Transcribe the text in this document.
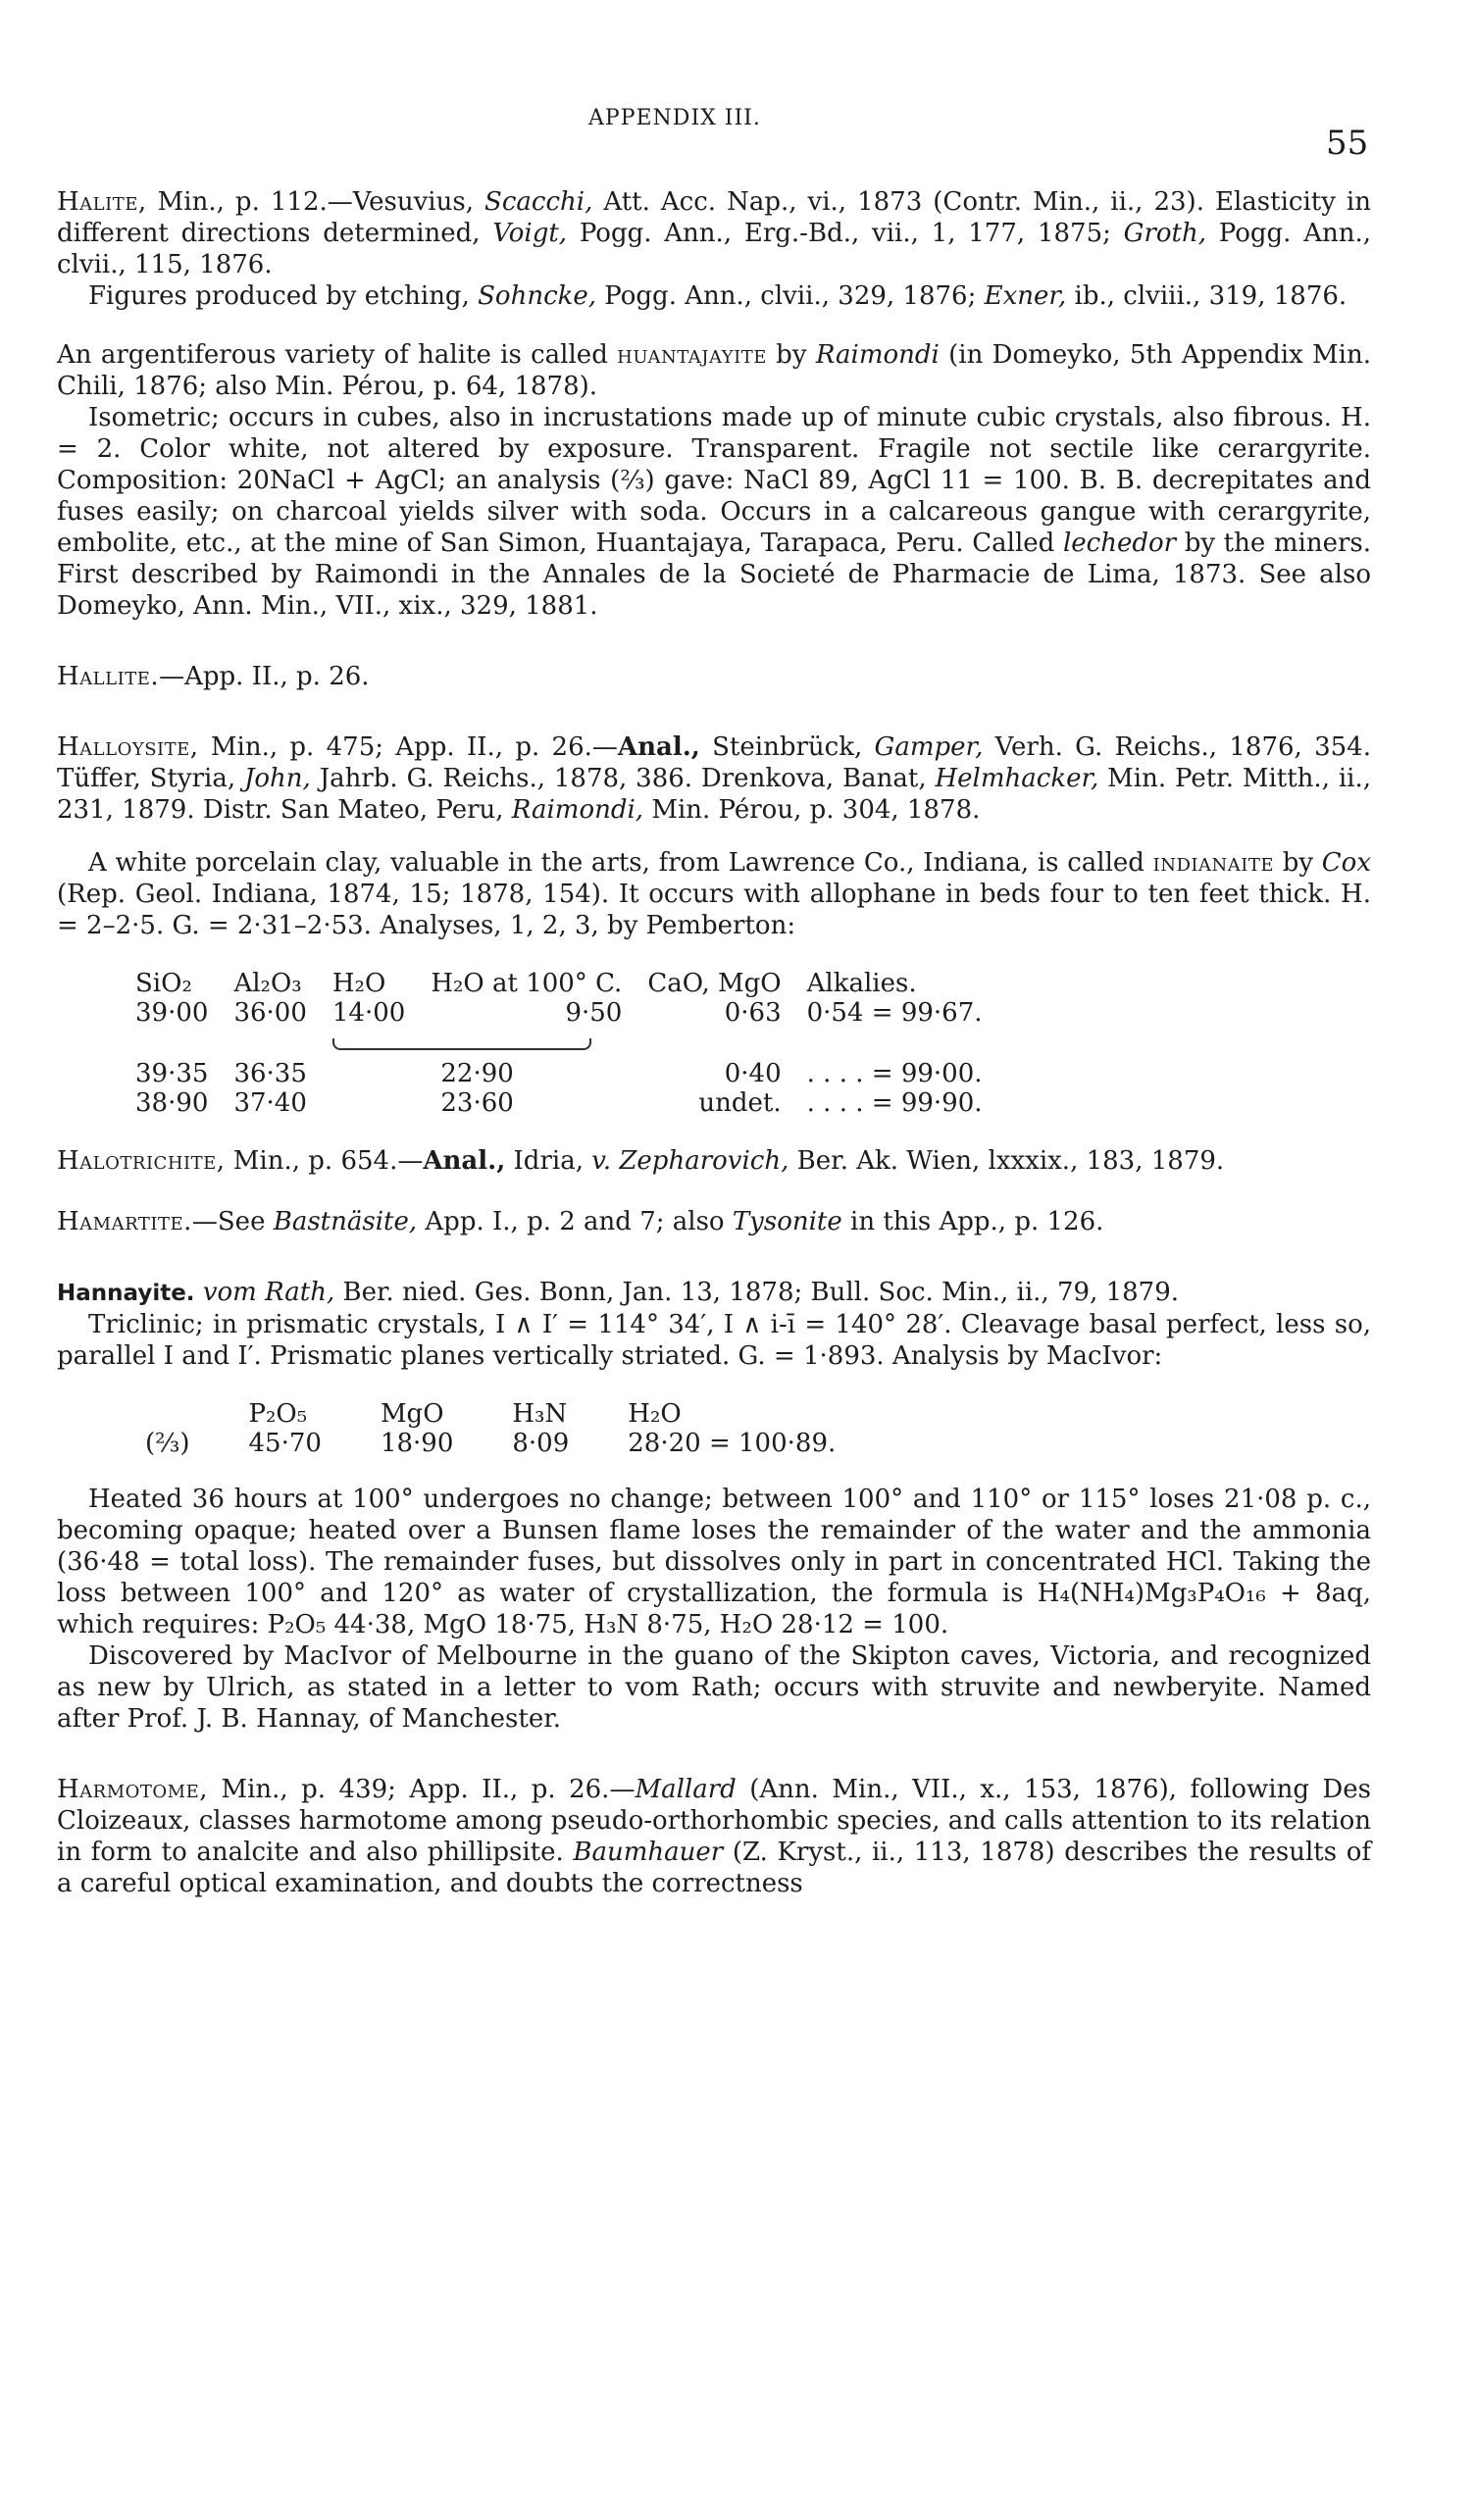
APPENDIX III.
55

Halite, Min., p. 112.—Vesuvius, Scacchi, Att. Acc. Nap., vi., 1873 (Contr. Min., ii., 23). Elasticity in different directions determined, Voigt, Pogg. Ann., Erg.-Bd., vii., 1, 177, 1875; Groth, Pogg. Ann., clvii., 115, 1876.

Figures produced by etching, Sohncke, Pogg. Ann., clvii., 329, 1876; Exner, ib., clviii., 319, 1876.

An argentiferous variety of halite is called huantajayite by Raimondi (in Domeyko, 5th Appendix Min. Chili, 1876; also Min. Pérou, p. 64, 1878).

Isometric; occurs in cubes, also in incrustations made up of minute cubic crystals, also fibrous. H. = 2. Color white, not altered by exposure. Transparent. Fragile not sectile like cerargyrite. Composition: 20NaCl + AgCl; an analysis (⅔) gave: NaCl 89, AgCl 11 = 100. B. B. decrepitates and fuses easily; on charcoal yields silver with soda. Occurs in a calcareous gangue with cerargyrite, embolite, etc., at the mine of San Simon, Huantajaya, Tarapaca, Peru. Called lechedor by the miners. First described by Raimondi in the Annales de la Societé de Pharmacie de Lima, 1873. See also Domeyko, Ann. Min., VII., xix., 329, 1881.

Hallite.—App. II., p. 26.

Halloysite, Min., p. 475; App. II., p. 26.—Anal., Steinbrück, Gamper, Verh. G. Reichs., 1876, 354. Tüffer, Styria, John, Jahrb. G. Reichs., 1878, 386. Drenkova, Banat, Helmhacker, Min. Petr. Mitth., ii., 231, 1879. Distr. San Mateo, Peru, Raimondi, Min. Pérou, p. 304, 1878.

A white porcelain clay, valuable in the arts, from Lawrence Co., Indiana, is called indianaite by Cox (Rep. Geol. Indiana, 1874, 15; 1878, 154). It occurs with allophane in beds four to ten feet thick. H. = 2–2·5. G. = 2·31–2·53. Analyses, 1, 2, 3, by Pemberton:

SiO₂	Al₂O₃	H₂O	H₂O at 100° C.	CaO, MgO	Alkalies.
39·00	36·00	14·00	9·50	0·63	0·54 = 99·67.

39·35	36·35	22·90		0·40	. . . . = 99·00.
38·90	37·40	23·60		undet.	. . . . = 99·90.

Halotrichite, Min., p. 654.—Anal., Idria, v. Zepharovich, Ber. Ak. Wien, lxxxix., 183, 1879.

Hamartite.—See Bastnäsite, App. I., p. 2 and 7; also Tysonite in this App., p. 126.

Hannayite. vom Rath, Ber. nied. Ges. Bonn, Jan. 13, 1878; Bull. Soc. Min., ii., 79, 1879.

Triclinic; in prismatic crystals, I ∧ I′ = 114° 34′, I ∧ i-ī = 140° 28′. Cleavage basal perfect, less so, parallel I and I′. Prismatic planes vertically striated. G. = 1·893. Analysis by MacIvor:

	P₂O₅	MgO	H₃N	H₂O
(⅔)	45·70	18·90	8·09	28·20 = 100·89.

Heated 36 hours at 100° undergoes no change; between 100° and 110° or 115° loses 21·08 p. c., becoming opaque; heated over a Bunsen flame loses the remainder of the water and the ammonia (36·48 = total loss). The remainder fuses, but dissolves only in part in concentrated HCl. Taking the loss between 100° and 120° as water of crystallization, the formula is H₄(NH₄)Mg₃P₄O₁₆ + 8aq, which requires: P₂O₅ 44·38, MgO 18·75, H₃N 8·75, H₂O 28·12 = 100.

Discovered by MacIvor of Melbourne in the guano of the Skipton caves, Victoria, and recognized as new by Ulrich, as stated in a letter to vom Rath; occurs with struvite and newberyite. Named after Prof. J. B. Hannay, of Manchester.

Harmotome, Min., p. 439; App. II., p. 26.—Mallard (Ann. Min., VII., x., 153, 1876), following Des Cloizeaux, classes harmotome among pseudo-orthorhombic species, and calls attention to its relation in form to analcite and also phillipsite. Baumhauer (Z. Kryst., ii., 113, 1878) describes the results of a careful optical examination, and doubts the correctness
